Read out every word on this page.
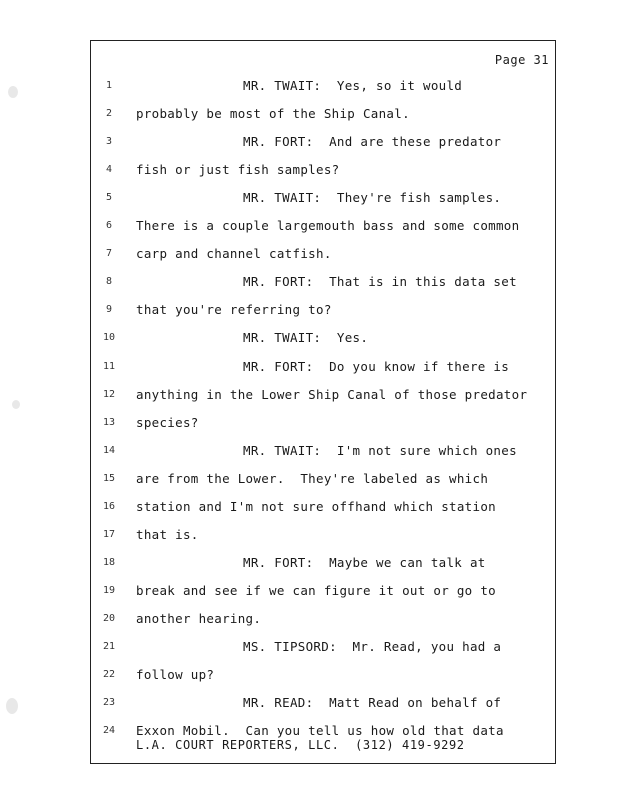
Page 31
1	MR. TWAIT:  Yes, so it would
2	probably be most of the Ship Canal.
3	MR. FORT:  And are these predator
4	fish or just fish samples?
5	MR. TWAIT:  They're fish samples.
6	There is a couple largemouth bass and some common
7	carp and channel catfish.
8	MR. FORT:  That is in this data set
9	that you're referring to?
10	MR. TWAIT:  Yes.
11	MR. FORT:  Do you know if there is
12 anything in the Lower Ship Canal of those predator
13 species?
14	MR. TWAIT:  I'm not sure which ones
15 are from the Lower.  They're labeled as which
16 station and I'm not sure offhand which station
17 that is.
18	MR. FORT:  Maybe we can talk at
19 break and see if we can figure it out or go to
20 another hearing.
21	MS. TIPSORD:  Mr. Read, you had a
22 follow up?
23	MR. READ:  Matt Read on behalf of
24 Exxon Mobil.  Can you tell us how old that data
L.A. COURT REPORTERS, LLC.  (312) 419-9292
